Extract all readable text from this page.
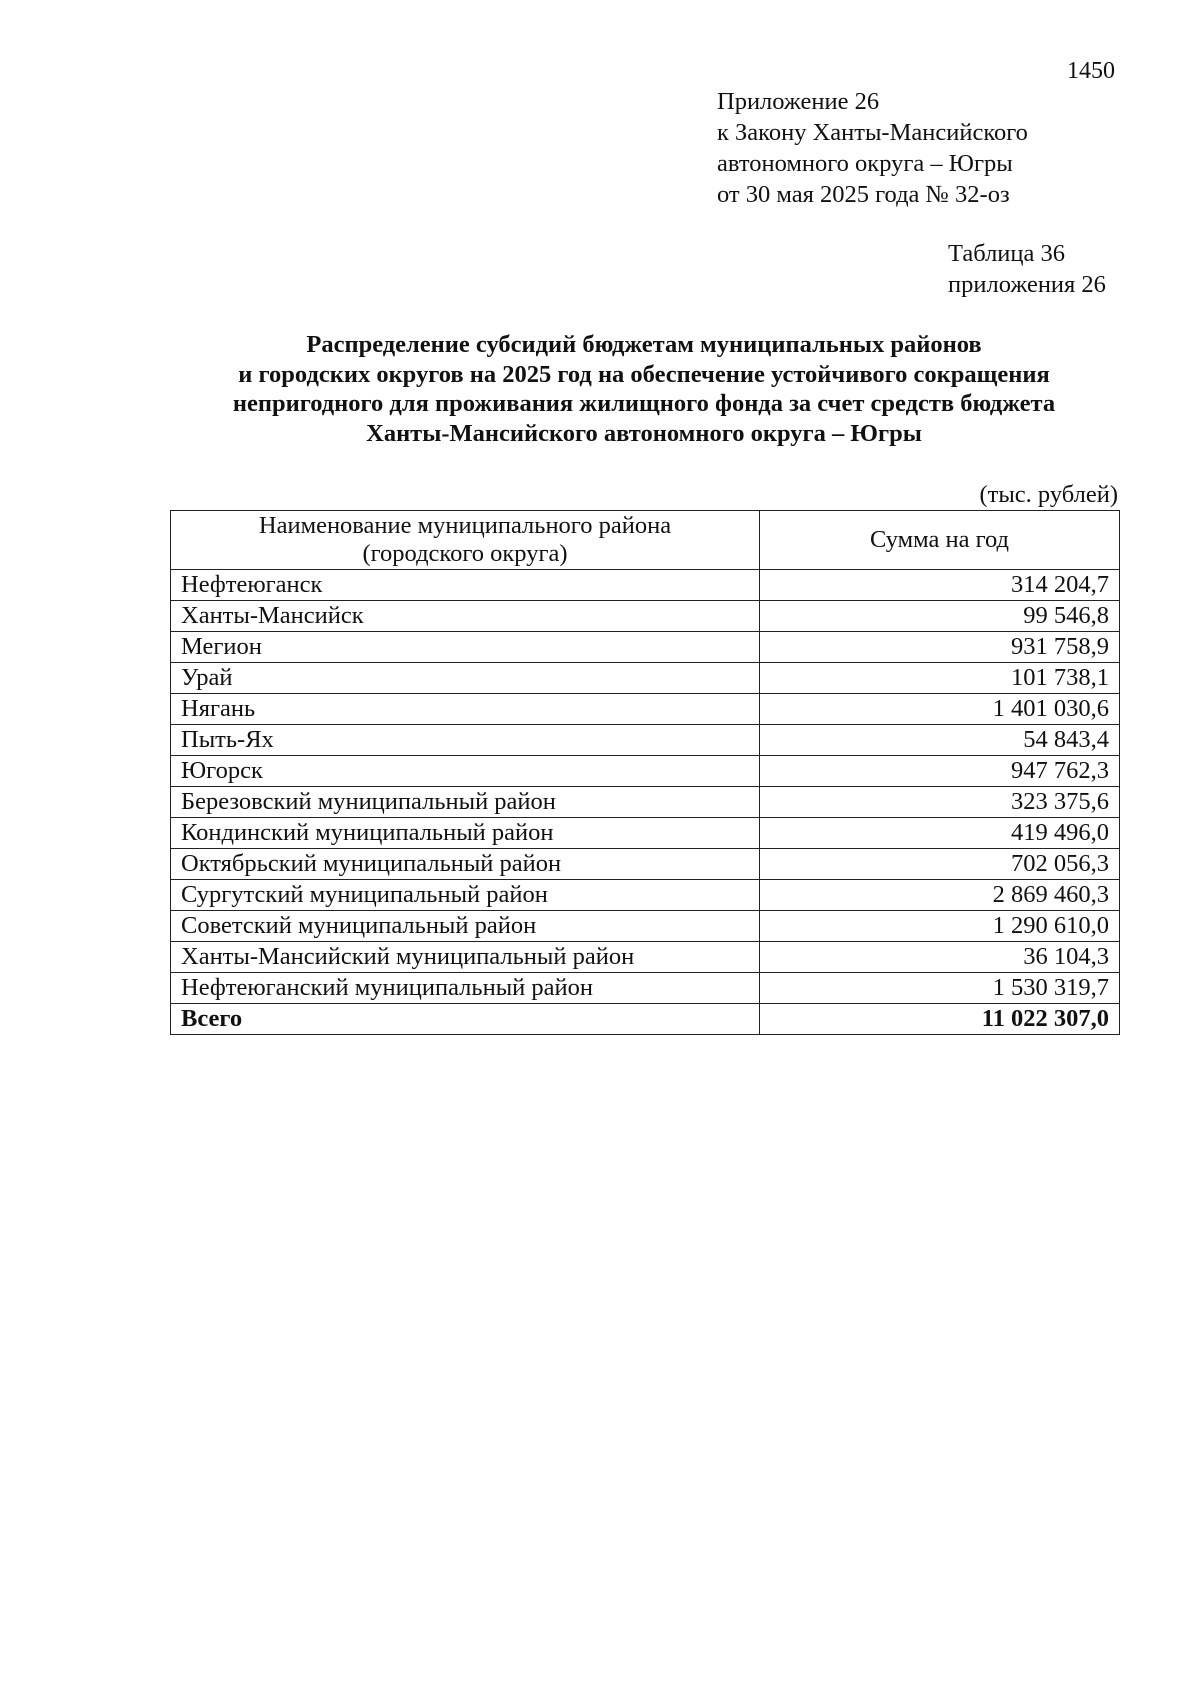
1450
Приложение 26
к Закону Ханты-Мансийского
автономного округа – Югры
от 30 мая 2025 года № 32-оз
Таблица 36
приложения 26
Распределение субсидий бюджетам муниципальных районов
и городских округов на 2025 год на обеспечение устойчивого сокращения
непригодного для проживания жилищного фонда за счет средств бюджета
Ханты-Мансийского автономного округа – Югры
(тыс. рублей)
Наименование муниципального района
(городского округа)	Сумма на год
Нефтеюганск	314 204,7
Ханты-Мансийск	99 546,8
Мегион	931 758,9
Урай	101 738,1
Нягань	1 401 030,6
Пыть-Ях	54 843,4
Югорск	947 762,3
Березовский муниципальный район	323 375,6
Кондинский муниципальный район	419 496,0
Октябрьский муниципальный район	702 056,3
Сургутский муниципальный район	2 869 460,3
Советский муниципальный район	1 290 610,0
Ханты-Мансийский муниципальный район	36 104,3
Нефтеюганский муниципальный район	1 530 319,7
Всего	11 022 307,0
